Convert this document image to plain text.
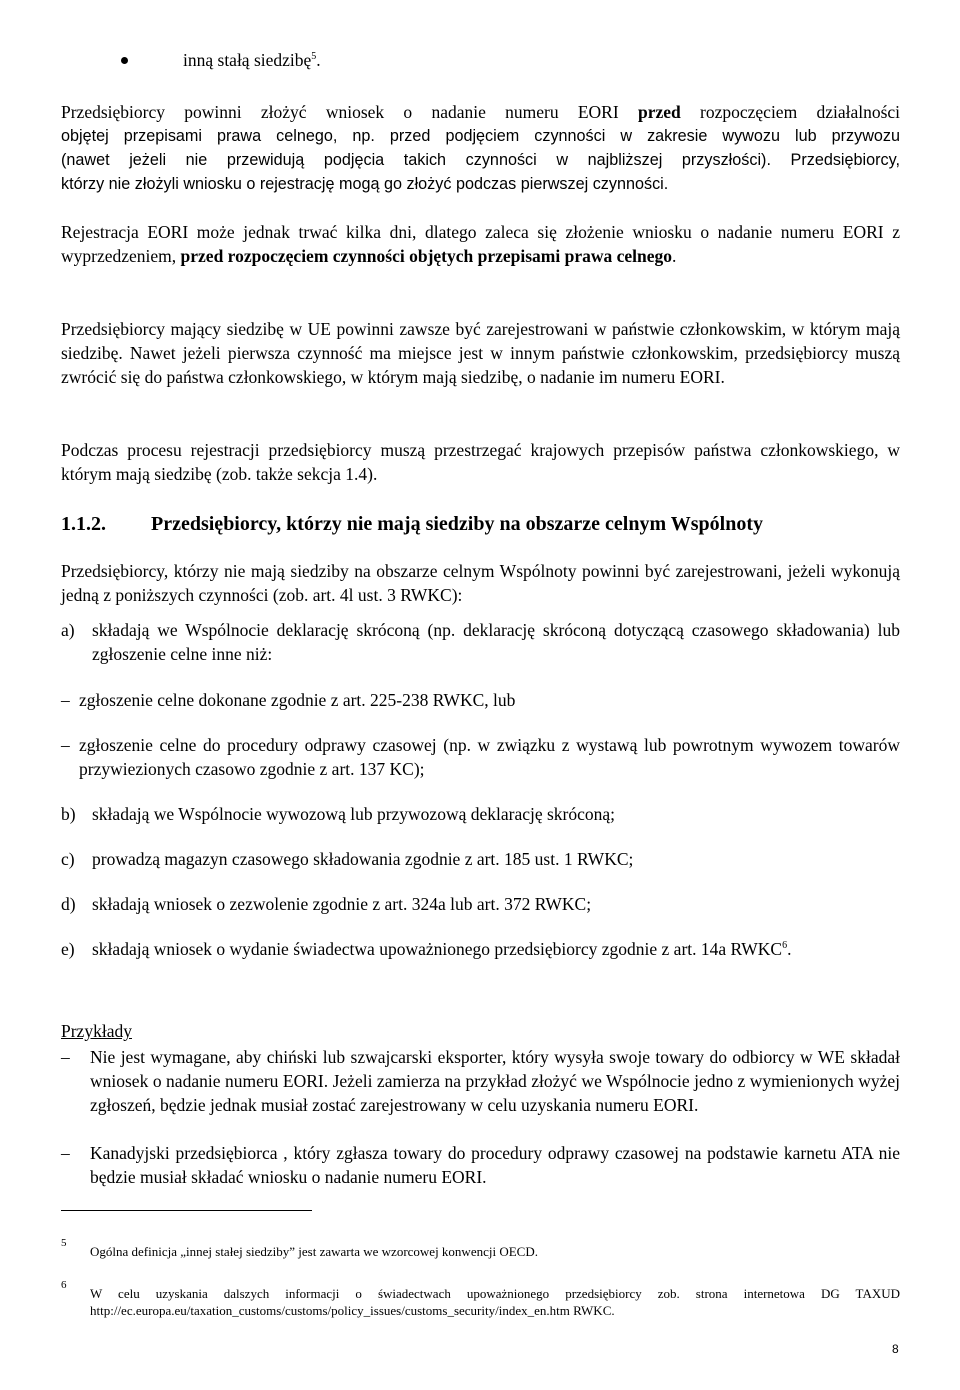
inną stałą siedzibę$^5$.
Przedsiębiorcy powinni złożyć wniosek o nadanie numeru EORI przed rozpoczęciem działalności
objętej przepisami prawa celnego, np. przed podjęciem czynności w zakresie wywozu lub przywozu
(nawet jeżeli nie przewidują podjęcia takich czynności w najbliższej przyszłości). Przedsiębiorcy,
którzy nie złożyli wniosku o rejestrację mogą go złożyć podczas pierwszej czynności.

Rejestracja EORI może jednak trwać kilka dni, dlatego zaleca się złożenie wniosku o nadanie numeru EORI z wyprzedzeniem, przed rozpoczęciem czynności objętych przepisami prawa celnego.

Przedsiębiorcy mający siedzibę w UE powinni zawsze być zarejestrowani w państwie członkowskim, w którym mają siedzibę. Nawet jeżeli pierwsza czynność ma miejsce jest w innym państwie członkowskim, przedsiębiorcy muszą zwrócić się do państwa członkowskiego, w którym mają siedzibę, o nadanie im numeru EORI.

Podczas procesu rejestracji przedsiębiorcy muszą przestrzegać krajowych przepisów państwa członkowskiego, w którym mają siedzibę (zob. także sekcja 1.4).

1.1.2. Przedsiębiorcy, którzy nie mają siedziby na obszarze celnym Wspólnoty

Przedsiębiorcy, którzy nie mają siedziby na obszarze celnym Wspólnoty powinni być zarejestrowani, jeżeli wykonują jedną z poniższych czynności (zob. art. 4l ust. 3 RWKC):

a) składają we Wspólnocie deklarację skróconą (np. deklarację skróconą dotyczącą czasowego składowania) lub zgłoszenie celne inne niż:
– zgłoszenie celne dokonane zgodnie z art. 225-238 RWKC, lub
– zgłoszenie celne do procedury odprawy czasowej (np. w związku z wystawą lub powrotnym wywozem towarów przywiezionych czasowo zgodnie z art. 137 KC);
b) składają we Wspólnocie wywozową lub przywozową deklarację skróconą;
c) prowadzą magazyn czasowego składowania zgodnie z art. 185 ust. 1 RWKC;
d) składają wniosek o zezwolenie zgodnie z art. 324a lub art. 372 RWKC;
e) składają wniosek o wydanie świadectwa upoważnionego przedsiębiorcy zgodnie z art. 14a RWKC$^6$.
Przykłady
– Nie jest wymagane, aby chiński lub szwajcarski eksporter, który wysyła swoje towary do odbiorcy w WE składał wniosek o nadanie numeru EORI. Jeżeli zamierza na przykład złożyć we Wspólnocie jedno z wymienionych wyżej zgłoszeń, będzie jednak musiał zostać zarejestrowany w celu uzyskania numeru EORI.
– Kanadyjski przedsiębiorca , który zgłasza towary do procedury odprawy czasowej na podstawie karnetu ATA nie będzie musiał składać wniosku o nadanie numeru EORI.
5
Ogólna definicja „innej stałej siedziby” jest zawarta we wzorcowej konwencji OECD.
6
W celu uzyskania dalszych informacji o świadectwach upoważnionego przedsiębiorcy zob. strona internetowa DG TAXUD http://ec.europa.eu/taxation_customs/customs/policy_issues/customs_security/index_en.htm RWKC.
8
